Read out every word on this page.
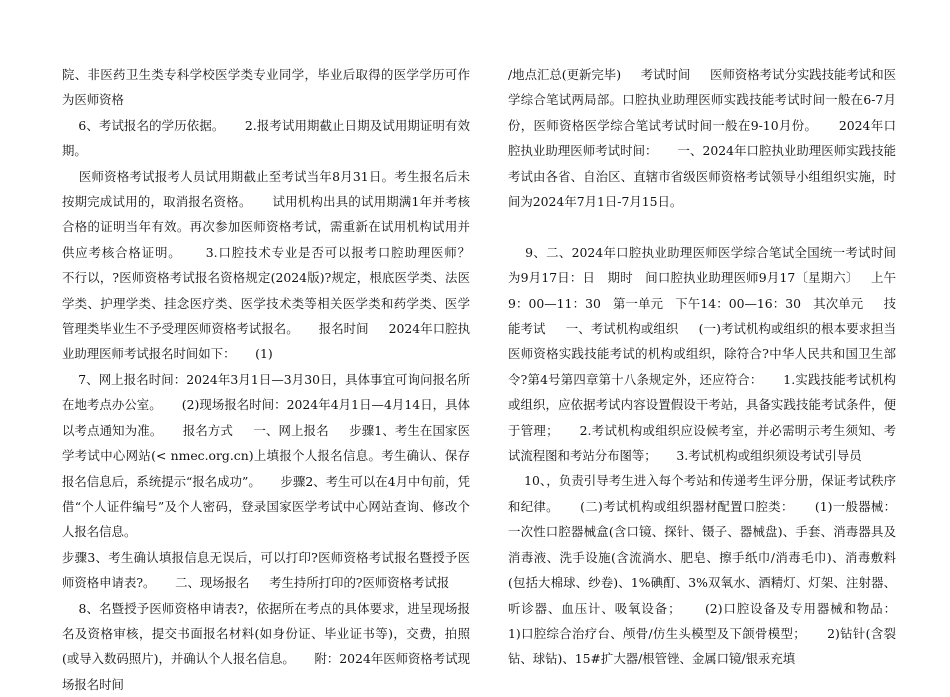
院、非医药卫生类专科学校医学类专业同学，毕业后取得的医学学历可作为医师资格

6、考试报名的学历依据。     2.报考试用期截止日期及试用期证明有效期。

医师资格考试报考人员试用期截止至考试当年8月31日。考生报名后未按期完成试用的，取消报名资格。     试用机构出具的试用期满1年并考核合格的证明当年有效。再次参加医师资格考试，需重新在试用机构试用并供应考核合格证明。     3.口腔技术专业是否可以报考口腔助理医师？     不行以，?医师资格考试报名资格规定(2024版)?规定，根底医学类、法医学类、护理学类、挂念医疗类、医学技术类等相关医学类和药学类、医学管理类毕业生不予受理医师资格考试报名。     报名时间     2024年口腔执业助理医师考试报名时间如下：     (1)

7、网上报名时间：2024年3月1日—3月30日，具体事宜可询问报名所在地考点办公室。     (2)现场报名时间：2024年4月1日—4月14日，具体以考点通知为准。     报名方式     一、网上报名     步骤1、考生在国家医学考试中心网站(< nmec.org.cn)上填报个人报名信息。考生确认、保存报名信息后，系统提示“报名成功”。     步骤2、考生可以在4月中旬前，凭借“个人证件编号”及个人密码，登录国家医学考试中心网站查询、修改个人报名信息。

步骤3、考生确认填报信息无误后，可以打印?医师资格考试报名暨授予医师资格申请表?。     二、现场报名     考生持所打印的?医师资格考试报

8、名暨授予医师资格申请表?，依据所在考点的具体要求，进呈现场报名及资格审核，提交书面报名材料(如身份证、毕业证书等)，交费，拍照(或导入数码照片)，并确认个人报名信息。     附：2024年医师资格考试现场报名时间

/地点汇总(更新完毕)     考试时间     医师资格考试分实践技能考试和医学综合笔试两局部。口腔执业助理医师实践技能考试时间一般在6-7月份，医师资格医学综合笔试考试时间一般在9-10月份。     2024年口腔执业助理医师考试时间：     一、2024年口腔执业助理医师实践技能考试由各省、自治区、直辖市省级医师资格考试领导小组组织实施，时间为2024年7月1日-7月15日。

9、二、2024年口腔执业助理医师医学综合笔试全国统一考试时间为9月17日：日   期时   间口腔执业助理医师9月17〔星期六〕   上午9：00—11：30   第一单元   下午14：00—16：30   其次单元     技能考试     一、考试机构或组织     (一)考试机构或组织的根本要求担当医师资格实践技能考试的机构或组织，除符合?中华人民共和国卫生部令?第4号第四章第十八条规定外，还应符合：     1.实践技能考试机构或组织，应依据考试内容设置假设干考站，具备实践技能考试条件，便于管理；     2.考试机构或组织应设候考室，并必需明示考生须知、考试流程图和考站分布图等；     3.考试机构或组织须设考试引导员

10、，负责引导考生进入每个考站和传递考生评分册，保证考试秩序和纪律。     (二)考试机构或组织器材配置口腔类：     (1)一般器械：一次性口腔器械盒(含口镜、探针、镊子、器械盘)、手套、消毒器具及消毒液、洗手设施(含流淌水、肥皂、擦手纸巾/消毒毛巾)、消毒敷料(包括大棉球、纱卷)、1%碘酊、3%双氧水、酒精灯、灯架、注射器、听诊器、血压计、吸氧设备；     (2)口腔设备及专用器械和物品：     1)口腔综合治疗台、颅骨/仿生头模型及下颌骨模型；     2)钻针(含裂钻、球钻)、15#扩大器/根管锉、金属口镜/银汞充填
